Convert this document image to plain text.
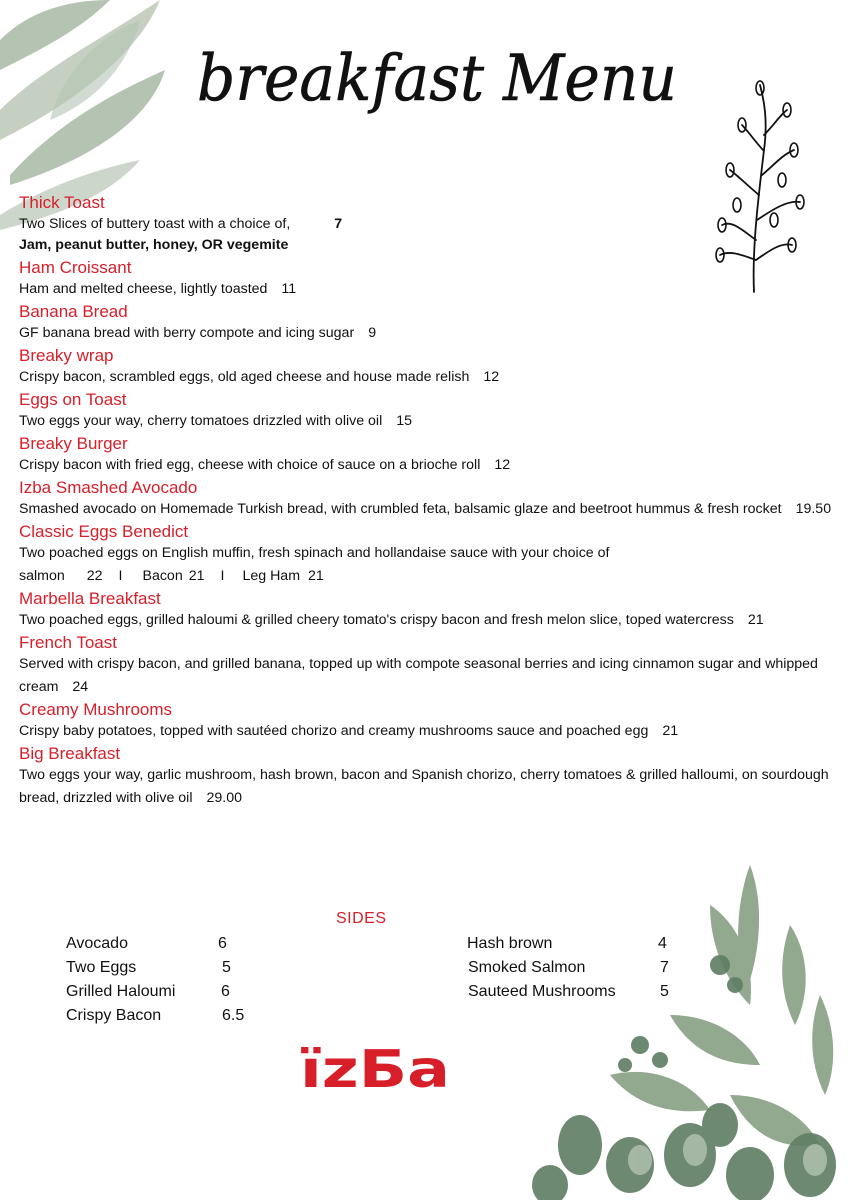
breakfast Menu
Thick Toast
Two Slices of buttery toast with a choice of,	7
Jam, peanut butter, honey, OR vegemite
Ham Croissant
Ham and melted cheese, lightly toasted 11
Banana Bread
GF banana bread with berry compote and icing sugar 9
Breaky wrap
Crispy bacon, scrambled eggs, old aged cheese and house made relish 12
Eggs on Toast
Two eggs your way, cherry tomatoes drizzled with olive oil 15
Breaky Burger
Crispy bacon with fried egg, cheese with choice of sauce on a brioche roll 12
Izba Smashed Avocado
Smashed avocado on Homemade Turkish bread, with crumbled feta, balsamic glaze and beetroot hummus & fresh rocket 19.50
Classic Eggs Benedict
Two poached eggs on English muffin, fresh spinach and hollandaise sauce with your choice of
salmon 22 I Bacon 21 I Leg Ham 21
Marbella Breakfast
Two poached eggs, grilled haloumi & grilled cheery tomato's crispy bacon and fresh melon slice, toped watercress 21
French Toast
Served with crispy bacon, and grilled banana, topped up with compote seasonal berries and icing cinnamon sugar and whipped cream 24
Creamy Mushrooms
Crispy baby potatoes, topped with sautéed chorizo and creamy mushrooms sauce and poached egg 21
Big Breakfast
Two eggs your way, garlic mushroom, hash brown, bacon and Spanish chorizo, cherry tomatoes & grilled halloumi, on sourdough bread, drizzled with olive oil 29.00
SIDES
Avocado	6
Two Eggs	5
Grilled Haloumi	6
Crispy Bacon	6.5
Hash brown	4
Smoked Salmon	7
Sauteed Mushrooms	5
ïzБa
